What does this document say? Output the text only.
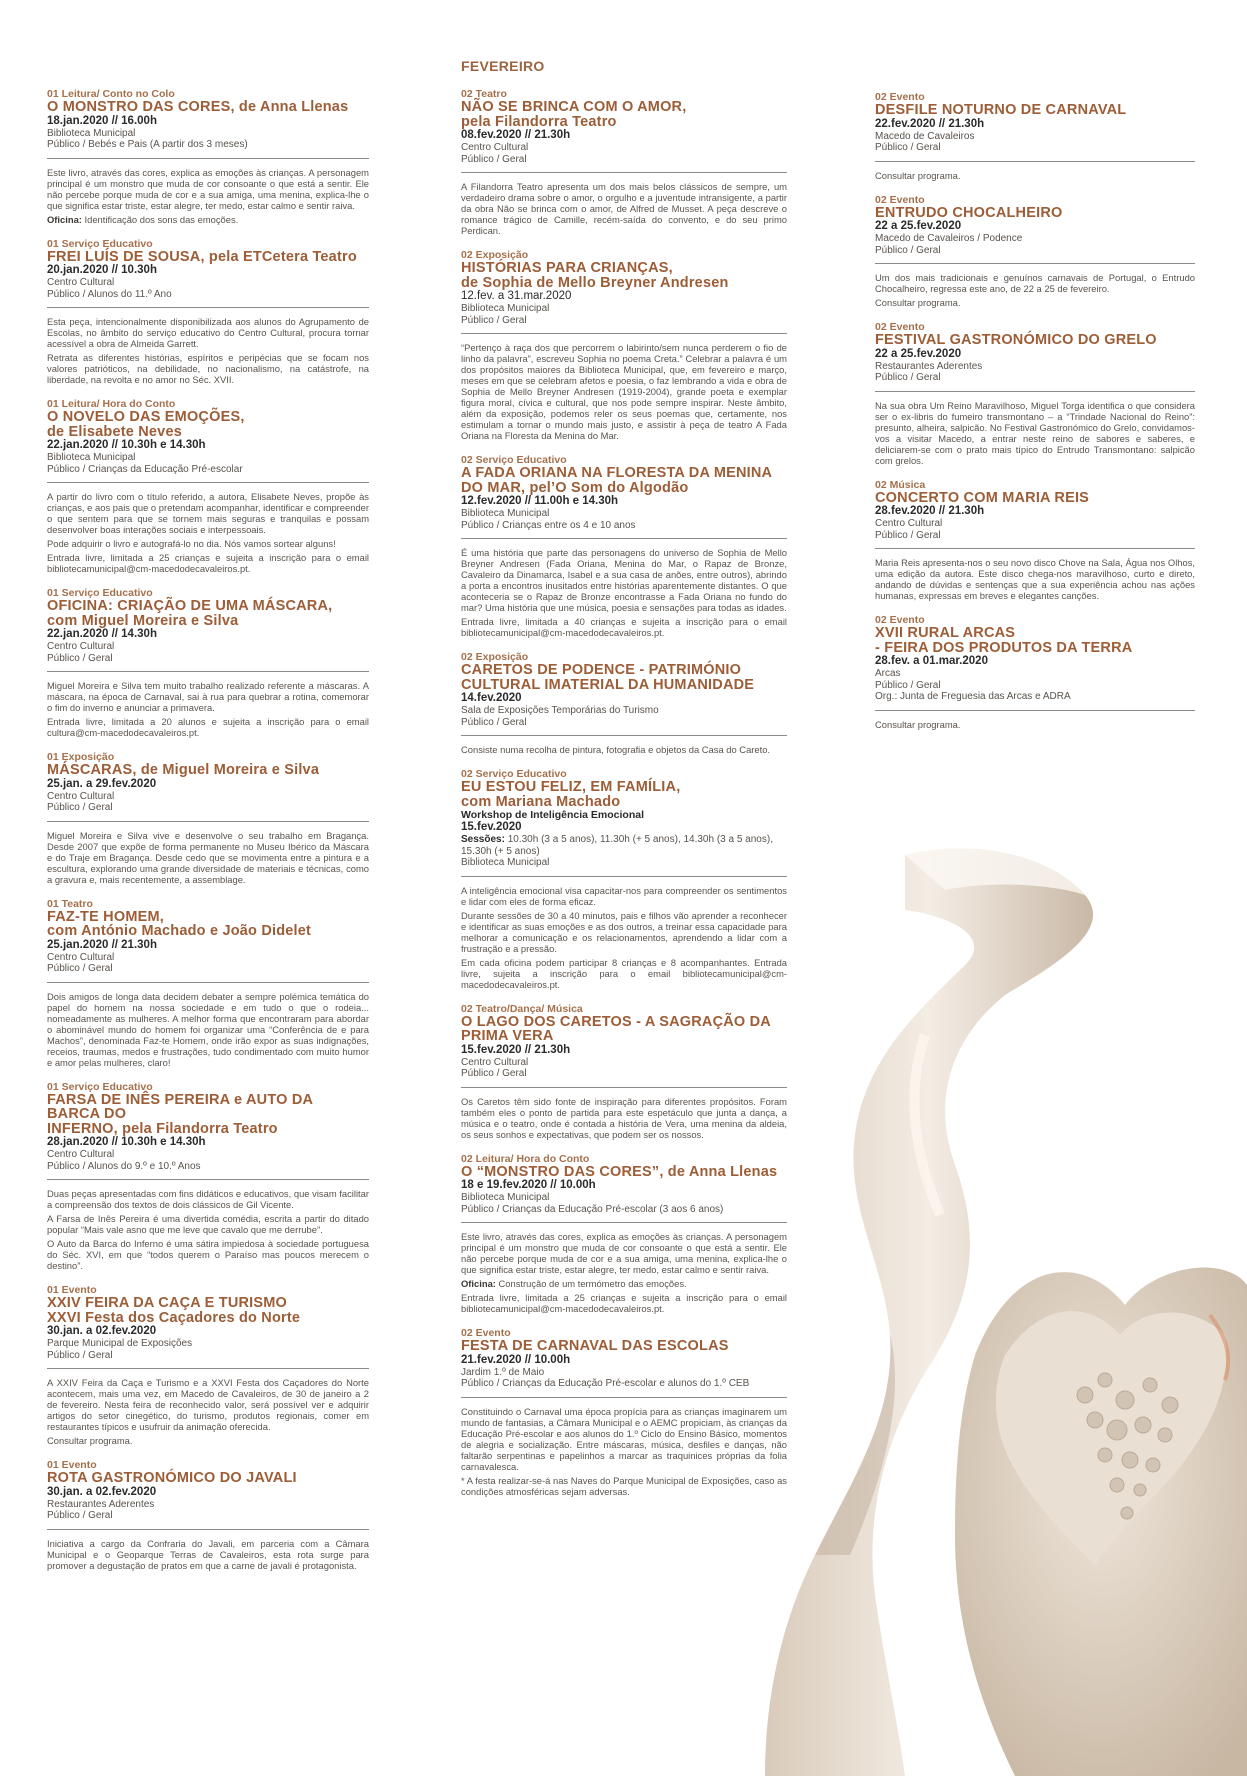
01 Leitura/ Conto no Colo
O MONSTRO DAS CORES, de Anna Llenas
18.jan.2020 // 16.00h
Biblioteca Municipal
Público / Bebés e Pais (A partir dos 3 meses)

Este livro, através das cores, explica as emoções às crianças. A personagem principal é um monstro que muda de cor consoante o que está a sentir. Ele não percebe porque muda de cor e a sua amiga, uma menina, explica-lhe o que significa estar triste, estar alegre, ter medo, estar calmo e sentir raiva.

Oficina: Identificação dos sons das emoções.

01 Serviço Educativo
FREI LUÍS DE SOUSA, pela ETCetera Teatro
20.jan.2020 // 10.30h
Centro Cultural
Público / Alunos do 11.º Ano

Esta peça, intencionalmente disponibilizada aos alunos do Agrupamento de Escolas, no âmbito do serviço educativo do Centro Cultural, procura tornar acessível a obra de Almeida Garrett.

Retrata as diferentes histórias, espíritos e peripécias que se focam nos valores patrióticos, na debilidade, no nacionalismo, na catástrofe, na liberdade, na revolta e no amor no Séc. XVII.

01 Leitura/ Hora do Conto
O NOVELO DAS EMOÇÕES,
de Elisabete Neves
22.jan.2020 // 10.30h e 14.30h
Biblioteca Municipal
Público / Crianças da Educação Pré-escolar

A partir do livro com o título referido, a autora, Elisabete Neves, propõe às crianças, e aos pais que o pretendam acompanhar, identificar e compreender o que sentem para que se tornem mais seguras e tranquilas e possam desenvolver boas interações sociais e interpessoais.

Pode adquirir o livro e autografá-lo no dia. Nós vamos sortear alguns!

Entrada livre, limitada a 25 crianças e sujeita a inscrição para o email bibliotecamunicipal@cm-macedodecavaleiros.pt.

01 Serviço Educativo
OFICINA: CRIAÇÃO DE UMA MÁSCARA,
com Miguel Moreira e Silva
22.jan.2020 // 14.30h
Centro Cultural
Público / Geral

Miguel Moreira e Silva tem muito trabalho realizado referente a máscaras. A máscara, na época de Carnaval, sai à rua para quebrar a rotina, comemorar o fim do inverno e anunciar a primavera.

Entrada livre, limitada a 20 alunos e sujeita a inscrição para o email cultura@cm-macedodecavaleiros.pt.

01 Exposição
MÁSCARAS, de Miguel Moreira e Silva
25.jan. a 29.fev.2020
Centro Cultural
Público / Geral

Miguel Moreira e Silva vive e desenvolve o seu trabalho em Bragança. Desde 2007 que expõe de forma permanente no Museu Ibérico da Máscara e do Traje em Bragança. Desde cedo que se movimenta entre a pintura e a escultura, explorando uma grande diversidade de materiais e técnicas, como a gravura e, mais recentemente, a assemblage.

01 Teatro
FAZ-TE HOMEM,
com António Machado e João Didelet
25.jan.2020 // 21.30h
Centro Cultural
Público / Geral

Dois amigos de longa data decidem debater a sempre polémica temática do papel do homem na nossa sociedade e em tudo o que o rodeia... nomeadamente as mulheres. A melhor forma que encontraram para abordar o abominável mundo do homem foi organizar uma “Conferência de e para Machos”, denominada Faz-te Homem, onde irão expor as suas indignações, receios, traumas, medos e frustrações, tudo condimentado com muito humor e amor pelas mulheres, claro!

01 Serviço Educativo
FARSA DE INÊS PEREIRA e AUTO DA BARCA DO
INFERNO, pela Filandorra Teatro
28.jan.2020 // 10.30h e 14.30h
Centro Cultural
Público / Alunos do 9.º e 10.º Anos

Duas peças apresentadas com fins didáticos e educativos, que visam facilitar a compreensão dos textos de dois clássicos de Gil Vicente.

A Farsa de Inês Pereira é uma divertida comédia, escrita a partir do ditado popular “Mais vale asno que me leve que cavalo que me derrube”.

O Auto da Barca do Inferno é uma sátira impiedosa à sociedade portuguesa do Séc. XVI, em que “todos querem o Paraíso mas poucos merecem o destino”.

01 Evento
XXIV FEIRA DA CAÇA E TURISMO
XXVI Festa dos Caçadores do Norte
30.jan. a 02.fev.2020
Parque Municipal de Exposições
Público / Geral

A XXIV Feira da Caça e Turismo e a XXVI Festa dos Caçadores do Norte acontecem, mais uma vez, em Macedo de Cavaleiros, de 30 de janeiro a 2 de fevereiro. Nesta feira de reconhecido valor, será possível ver e adquirir artigos do setor cinegético, do turismo, produtos regionais, comer em restaurantes típicos e usufruir da animação oferecida.

Consultar programa.

01 Evento
ROTA GASTRONÓMICO DO JAVALI
30.jan. a 02.fev.2020
Restaurantes Aderentes
Público / Geral

Iniciativa a cargo da Confraria do Javali, em parceria com a Câmara Municipal e o Geoparque Terras de Cavaleiros, esta rota surge para promover a degustação de pratos em que a carne de javali é protagonista.

FEVEREIRO
02 Teatro
NÃO SE BRINCA COM O AMOR,
pela Filandorra Teatro
08.fev.2020 // 21.30h
Centro Cultural
Público / Geral

A Filandorra Teatro apresenta um dos mais belos clássicos de sempre, um verdadeiro drama sobre o amor, o orgulho e a juventude intransigente, a partir da obra Não se brinca com o amor, de Alfred de Musset. A peça descreve o romance trágico de Camille, recém-saída do convento, e do seu primo Perdican.

02 Exposição
HISTÓRIAS PARA CRIANÇAS,
de Sophia de Mello Breyner Andresen
12.fev. a 31.mar.2020
Biblioteca Municipal
Público / Geral

“Pertenço à raça dos que percorrem o labirinto/sem nunca perderem o fio de linho da palavra”, escreveu Sophia no poema Creta.” Celebrar a palavra é um dos propósitos maiores da Biblioteca Municipal, que, em fevereiro e março, meses em que se celebram afetos e poesia, o faz lembrando a vida e obra de Sophia de Mello Breyner Andresen (1919-2004), grande poeta e exemplar figura moral, cívica e cultural, que nos pode sempre inspirar. Neste âmbito, além da exposição, podemos reler os seus poemas que, certamente, nos estimulam a tornar o mundo mais justo, e assistir à peça de teatro A Fada Oriana na Floresta da Menina do Mar.

02 Serviço Educativo
A FADA ORIANA NA FLORESTA DA MENINA
DO MAR, pel’O Som do Algodão
12.fev.2020 // 11.00h e 14.30h
Biblioteca Municipal
Público / Crianças entre os 4 e 10 anos

É uma história que parte das personagens do universo de Sophia de Mello Breyner Andresen (Fada Oriana, Menina do Mar, o Rapaz de Bronze, Cavaleiro da Dinamarca, Isabel e a sua casa de anões, entre outros), abrindo a porta a encontros inusitados entre histórias aparentemente distantes. O que aconteceria se o Rapaz de Bronze encontrasse a Fada Oriana no fundo do mar? Uma história que une música, poesia e sensações para todas as idades.

Entrada livre, limitada a 40 crianças e sujeita a inscrição para o email bibliotecamunicipal@cm-macedodecavaleiros.pt.

02 Exposição
CARETOS DE PODENCE - PATRIMÓNIO
CULTURAL IMATERIAL DA HUMANIDADE
14.fev.2020
Sala de Exposições Temporárias do Turismo
Público / Geral

Consiste numa recolha de pintura, fotografia e objetos da Casa do Careto.

02 Serviço Educativo
EU ESTOU FELIZ, EM FAMÍLIA,
com Mariana Machado
Workshop de Inteligência Emocional
15.fev.2020
Sessões: 10.30h (3 a 5 anos), 11.30h (+ 5 anos), 14.30h (3 a 5 anos), 15.30h (+ 5 anos)
Biblioteca Municipal

A inteligência emocional visa capacitar-nos para compreender os sentimentos e lidar com eles de forma eficaz.

Durante sessões de 30 a 40 minutos, pais e filhos vão aprender a reconhecer e identificar as suas emoções e as dos outros, a treinar essa capacidade para melhorar a comunicação e os relacionamentos, aprendendo a lidar com a frustração e a pressão.

Em cada oficina podem participar 8 crianças e 8 acompanhantes. Entrada livre, sujeita a inscrição para o email bibliotecamunicipal@cm-macedodecavaleiros.pt.

02 Teatro/Dança/ Música
O LAGO DOS CARETOS - A SAGRAÇÃO DA
PRIMA VERA
15.fev.2020 // 21.30h
Centro Cultural
Público / Geral

Os Caretos têm sido fonte de inspiração para diferentes propósitos. Foram também eles o ponto de partida para este espetáculo que junta a dança, a música e o teatro, onde é contada a história de Vera, uma menina da aldeia, os seus sonhos e expectativas, que podem ser os nossos.

02 Leitura/ Hora do Conto
O “MONSTRO DAS CORES”, de Anna Llenas
18 e 19.fev.2020 // 10.00h
Biblioteca Municipal
Público / Crianças da Educação Pré-escolar (3 aos 6 anos)

Este livro, através das cores, explica as emoções às crianças. A personagem principal é um monstro que muda de cor consoante o que está a sentir. Ele não percebe porque muda de cor e a sua amiga, uma menina, explica-lhe o que significa estar triste, estar alegre, ter medo, estar calmo e sentir raiva.

Oficina: Construção de um termómetro das emoções.

Entrada livre, limitada a 25 crianças e sujeita a inscrição para o email bibliotecamunicipal@cm-macedodecavaleiros.pt.

02 Evento
FESTA DE CARNAVAL DAS ESCOLAS
21.fev.2020 // 10.00h
Jardim 1.º de Maio
Público / Crianças da Educação Pré-escolar e alunos do 1.º CEB

Constituindo o Carnaval uma época propícia para as crianças imaginarem um mundo de fantasias, a Câmara Municipal e o AEMC propiciam, às crianças da Educação Pré-escolar e aos alunos do 1.º Ciclo do Ensino Básico, momentos de alegria e socialização. Entre máscaras, música, desfiles e danças, não faltarão serpentinas e papelinhos a marcar as traquinices próprias da folia carnavalesca.

* A festa realizar-se-á nas Naves do Parque Municipal de Exposições, caso as condições atmosféricas sejam adversas.

02 Evento
DESFILE NOTURNO DE CARNAVAL
22.fev.2020 // 21.30h
Macedo de Cavaleiros
Público / Geral

Consultar programa.

02 Evento
ENTRUDO CHOCALHEIRO
22 a 25.fev.2020
Macedo de Cavaleiros / Podence
Público / Geral

Um dos mais tradicionais e genuínos carnavais de Portugal, o Entrudo Chocalheiro, regressa este ano, de 22 a 25 de fevereiro.

Consultar programa.

02 Evento
FESTIVAL GASTRONÓMICO DO GRELO
22 a 25.fev.2020
Restaurantes Aderentes
Público / Geral

Na sua obra Um Reino Maravilhoso, Miguel Torga identifica o que considera ser o ex-libris do fumeiro transmontano – a “Trindade Nacional do Reino”: presunto, alheira, salpicão. No Festival Gastronómico do Grelo, convidamos-vos a visitar Macedo, a entrar neste reino de sabores e saberes, e deliciarem-se com o prato mais típico do Entrudo Transmontano: salpicão com grelos.

02 Música
CONCERTO COM MARIA REIS
28.fev.2020 // 21.30h
Centro Cultural
Público / Geral

Maria Reis apresenta-nos o seu novo disco Chove na Sala, Água nos Olhos, uma edição da autora. Este disco chega-nos maravilhoso, curto e direto, andando de dúvidas e sentenças que a sua experiência achou nas ações humanas, expressas em breves e elegantes canções.

02 Evento
XVII RURAL ARCAS
- FEIRA DOS PRODUTOS DA TERRA
28.fev. a 01.mar.2020
Arcas
Público / Geral
Org.: Junta de Freguesia das Arcas e ADRA

Consultar programa.
